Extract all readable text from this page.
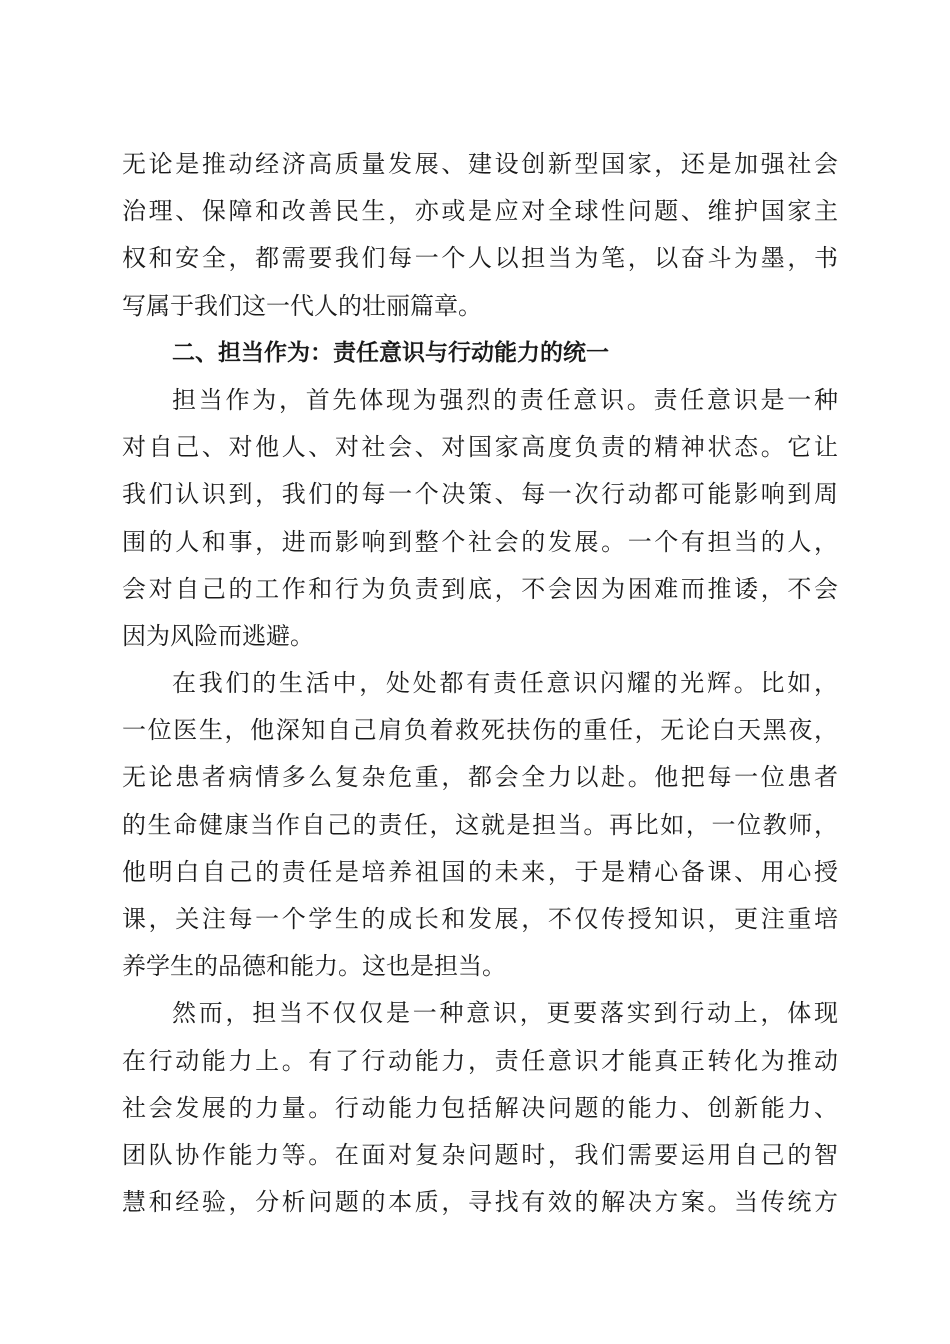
无论是推动经济高质量发展、建设创新型国家，还是加强社会
治理、保障和改善民生，亦或是应对全球性问题、维护国家主
权和安全，都需要我们每一个人以担当为笔，以奋斗为墨，书
写属于我们这一代人的壮丽篇章。
二、担当作为：责任意识与行动能力的统一
担当作为，首先体现为强烈的责任意识。责任意识是一种
对自己、对他人、对社会、对国家高度负责的精神状态。它让
我们认识到，我们的每一个决策、每一次行动都可能影响到周
围的人和事，进而影响到整个社会的发展。一个有担当的人，
会对自己的工作和行为负责到底，不会因为困难而推诿，不会
因为风险而逃避。
在我们的生活中，处处都有责任意识闪耀的光辉。比如，
一位医生，他深知自己肩负着救死扶伤的重任，无论白天黑夜，
无论患者病情多么复杂危重，都会全力以赴。他把每一位患者
的生命健康当作自己的责任，这就是担当。再比如，一位教师，
他明白自己的责任是培养祖国的未来，于是精心备课、用心授
课，关注每一个学生的成长和发展，不仅传授知识，更注重培
养学生的品德和能力。这也是担当。
然而，担当不仅仅是一种意识，更要落实到行动上，体现
在行动能力上。有了行动能力，责任意识才能真正转化为推动
社会发展的力量。行动能力包括解决问题的能力、创新能力、
团队协作能力等。在面对复杂问题时，我们需要运用自己的智
慧和经验，分析问题的本质，寻找有效的解决方案。当传统方
